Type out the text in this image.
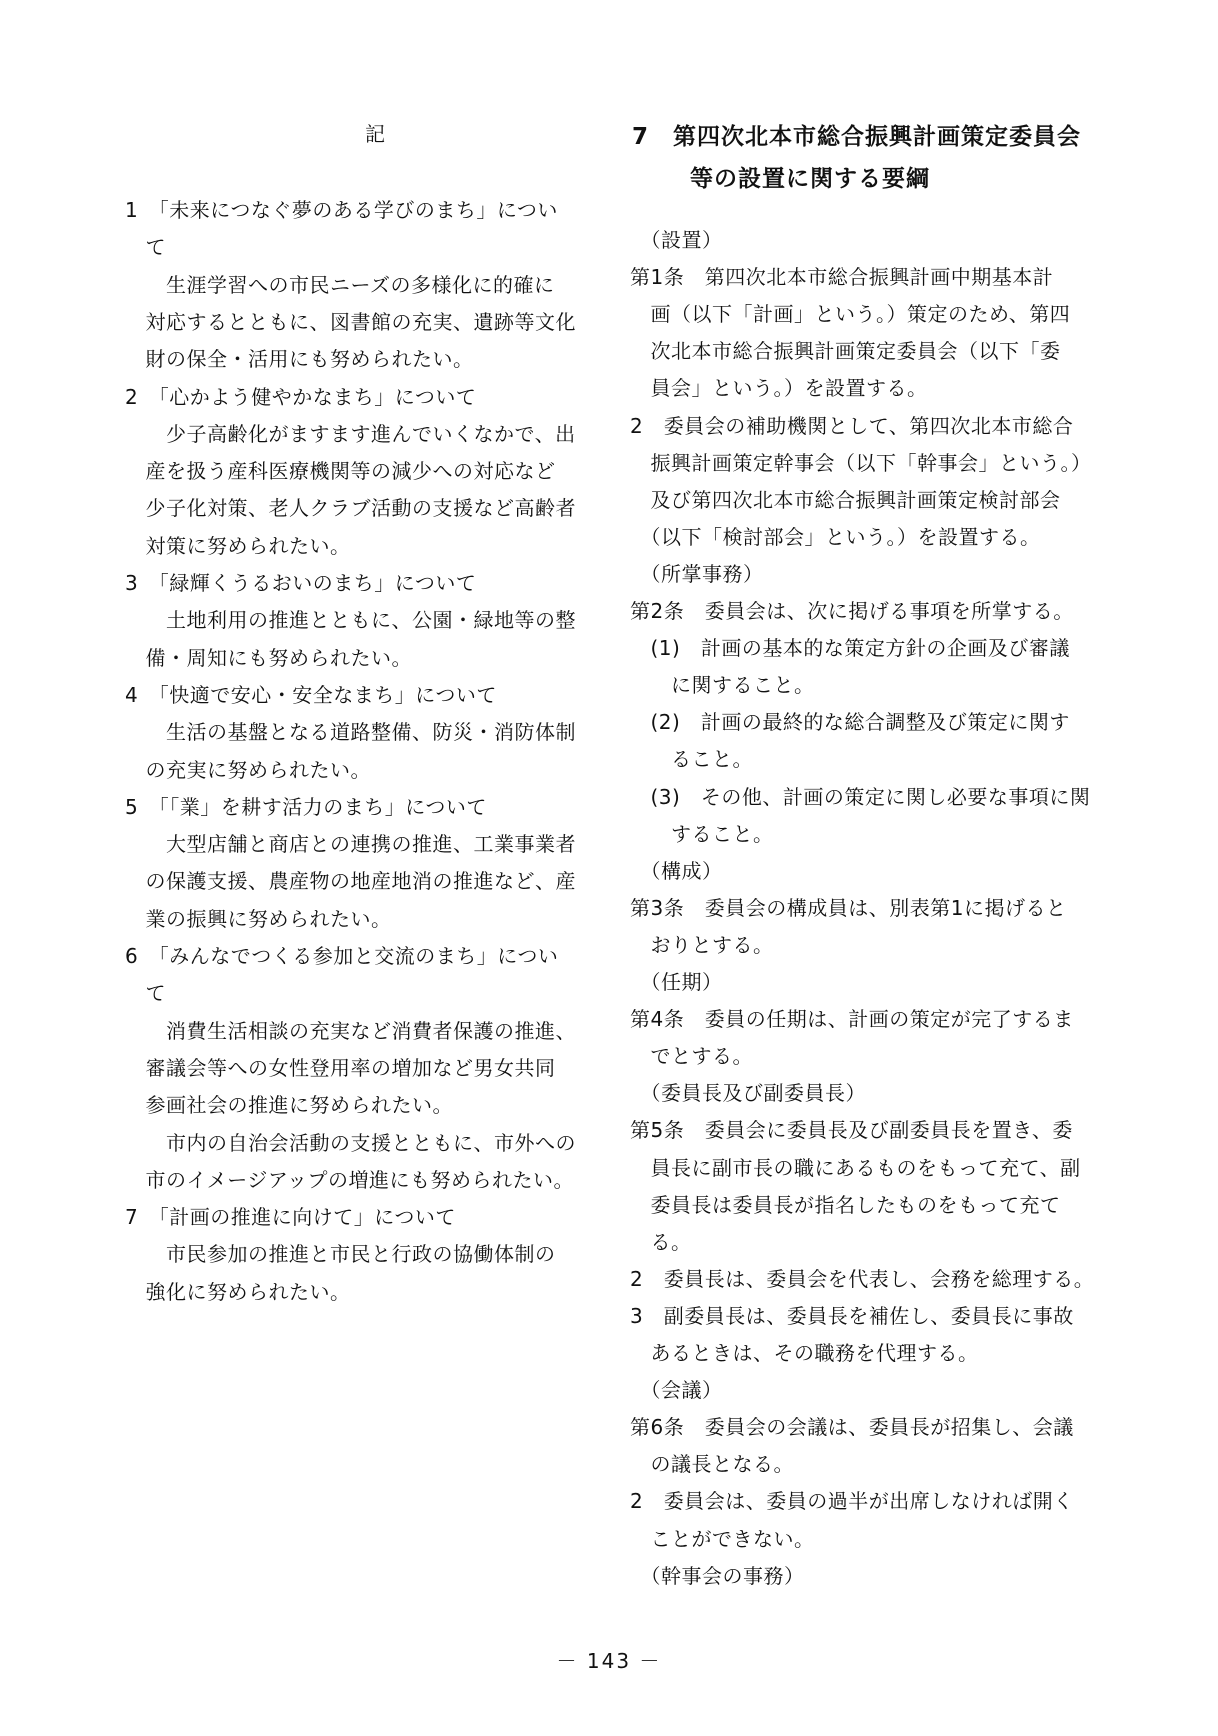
記
1　「未来につなぐ夢のある学びのまち」につい
　て
　　生涯学習への市民ニーズの多様化に的確に
　対応するとともに、図書館の充実、遺跡等文化
　財の保全・活用にも努められたい。
2　「心かよう健やかなまち」について
　　少子高齢化がますます進んでいくなかで、出
　産を扱う産科医療機関等の減少への対応など
　少子化対策、老人クラブ活動の支援など高齢者
　対策に努められたい。
3　「緑輝くうるおいのまち」について
　　土地利用の推進とともに、公園・緑地等の整
　備・周知にも努められたい。
4　「快適で安心・安全なまち」について
　　生活の基盤となる道路整備、防災・消防体制
　の充実に努められたい。
5　「「業」を耕す活力のまち」について
　　大型店舗と商店との連携の推進、工業事業者
　の保護支援、農産物の地産地消の推進など、産
　業の振興に努められたい。
6　「みんなでつくる参加と交流のまち」につい
　て
　　消費生活相談の充実など消費者保護の推進、
　審議会等への女性登用率の増加など男女共同
　参画社会の推進に努められたい。
　　市内の自治会活動の支援とともに、市外への
　市のイメージアップの増進にも努められたい。
7　「計画の推進に向けて」について
　　市民参加の推進と市民と行政の協働体制の
　強化に努められたい。
7　第四次北本市総合振興計画策定委員会
等の設置に関する要綱
　（設置）
第1条　第四次北本市総合振興計画中期基本計
　画（以下「計画」という。）策定のため、第四
　次北本市総合振興計画策定委員会（以下「委
　員会」という。）を設置する。
2　委員会の補助機関として、第四次北本市総合
　振興計画策定幹事会（以下「幹事会」という。）
　及び第四次北本市総合振興計画策定検討部会
　（以下「検討部会」という。）を設置する。
　（所掌事務）
第2条　委員会は、次に掲げる事項を所掌する。
　(1)　計画の基本的な策定方針の企画及び審議
　　に関すること。
　(2)　計画の最終的な総合調整及び策定に関す
　　ること。
　(3)　その他、計画の策定に関し必要な事項に関
　　すること。
　（構成）
第3条　委員会の構成員は、別表第1に掲げると
　おりとする。
　（任期）
第4条　委員の任期は、計画の策定が完了するま
　でとする。
　（委員長及び副委員長）
第5条　委員会に委員長及び副委員長を置き、委
　員長に副市長の職にあるものをもって充て、副
　委員長は委員長が指名したものをもって充て
　る。
2　委員長は、委員会を代表し、会務を総理する。
3　副委員長は、委員長を補佐し、委員長に事故
　あるときは、その職務を代理する。
　（会議）
第6条　委員会の会議は、委員長が招集し、会議
　の議長となる。
2　委員会は、委員の過半が出席しなければ開く
　ことができない。
　（幹事会の事務）
－ 143 －
